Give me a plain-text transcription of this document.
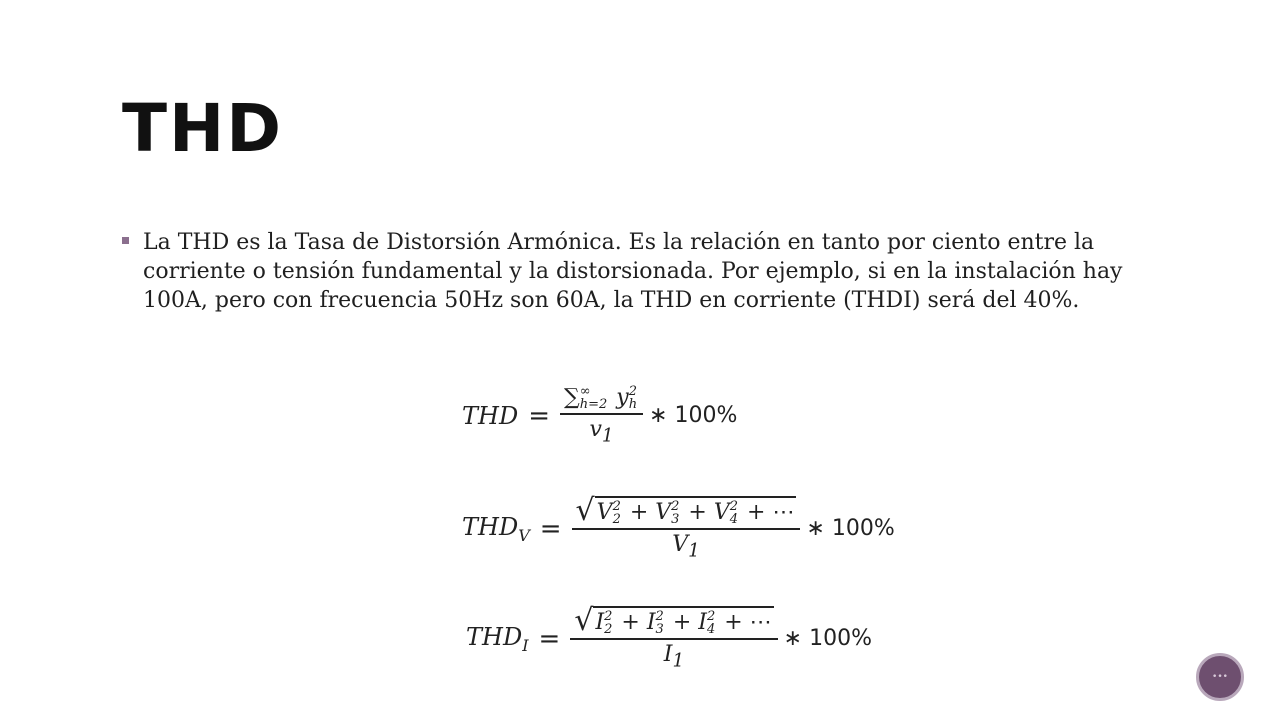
THD

La THD es la Tasa de Distorsión Armónica. Es la relación en tanto por ciento entre la corriente o tensión fundamental y la distorsionada. Por ejemplo, si en la instalación hay 100A, pero con frecuencia 50Hz son 60A, la THD en corriente (THDI) será del 40%.

THD = ∑ ∞
h=2 y 2
h
$v_1$ ∗ 100%
$THD_V$ = √ V 2
2 + V 2
3 + V 2
4 + ⋯
$V_1$ ∗ 100%
$THD_I$ = √ I 2
2 + I 2
3 + I 2
4 + ⋯
$I_1$ ∗ 100%
•••
